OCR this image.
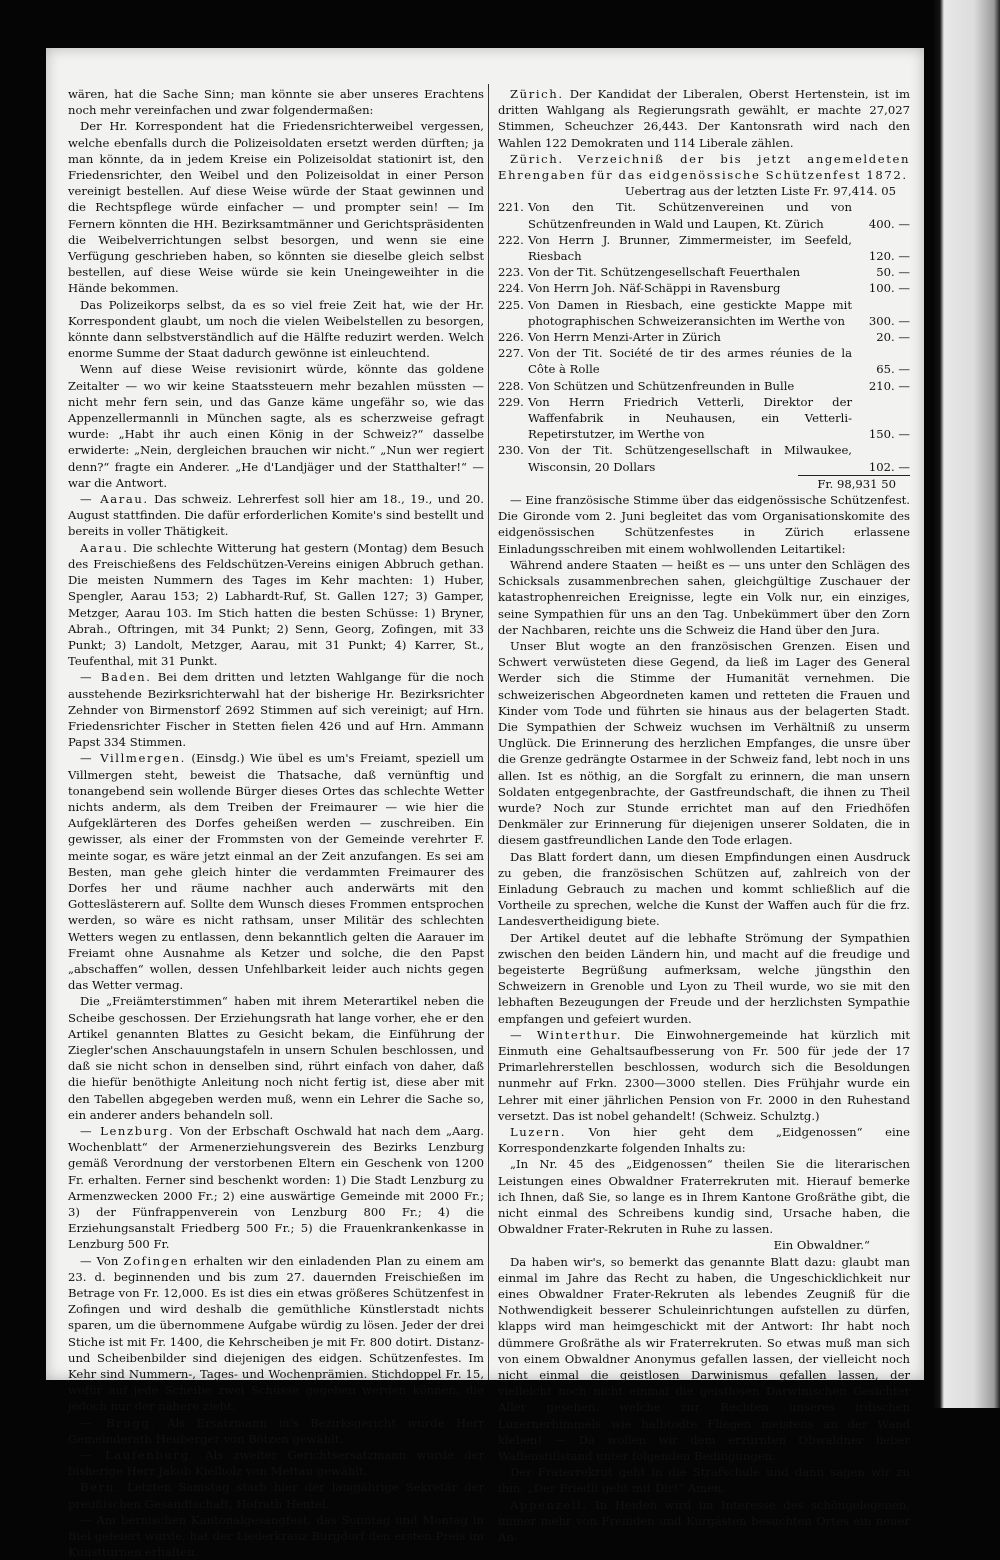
wären, hat die Sache Sinn; man könnte sie aber unseres Erachtens noch mehr vereinfachen und zwar folgendermaßen:

Der Hr. Korrespondent hat die Friedensrichterweibel vergessen, welche ebenfalls durch die Polizeisoldaten ersetzt werden dürften; ja man könnte, da in jedem Kreise ein Polizeisoldat stationirt ist, den Friedensrichter, den Weibel und den Polizeisoldat in einer Person vereinigt bestellen. Auf diese Weise würde der Staat gewinnen und die Rechtspflege würde einfacher — und prompter sein! — Im Fernern könnten die HH. Bezirksamtmänner und Gerichtspräsidenten die Weibelverrichtungen selbst besorgen, und wenn sie eine Verfügung geschrieben haben, so könnten sie dieselbe gleich selbst bestellen, auf diese Weise würde sie kein Uneingeweihter in die Hände bekommen.

Das Polizeikorps selbst, da es so viel freie Zeit hat, wie der Hr. Korrespondent glaubt, um noch die vielen Weibelstellen zu besorgen, könnte dann selbstverständlich auf die Hälfte reduzirt werden. Welch enorme Summe der Staat dadurch gewönne ist einleuchtend.

Wenn auf diese Weise revisionirt würde, könnte das goldene Zeitalter — wo wir keine Staatssteuern mehr bezahlen müssten — nicht mehr fern sein, und das Ganze käme ungefähr so, wie das Appenzellermannli in München sagte, als es scherzweise gefragt wurde: „Habt ihr auch einen König in der Schweiz?“ dasselbe erwiderte: „Nein, dergleichen brauchen wir nicht.“ „Nun wer regiert denn?“ fragte ein Anderer. „He d'Landjäger und der Statthalter!“ — war die Antwort.

— Aarau. Das schweiz. Lehrerfest soll hier am 18., 19., und 20. August stattfinden. Die dafür erforderlichen Komite's sind bestellt und bereits in voller Thätigkeit.

Aarau. Die schlechte Witterung hat gestern (Montag) dem Besuch des Freischießens des Feldschützen-Vereins einigen Abbruch gethan. Die meisten Nummern des Tages im Kehr machten: 1) Huber, Spengler, Aarau 153; 2) Labhardt-Ruf, St. Gallen 127; 3) Gamper, Metzger, Aarau 103. Im Stich hatten die besten Schüsse: 1) Bryner, Abrah., Oftringen, mit 34 Punkt; 2) Senn, Georg, Zofingen, mit 33 Punkt; 3) Landolt, Metzger, Aarau, mit 31 Punkt; 4) Karrer, St., Teufenthal, mit 31 Punkt.

— Baden. Bei dem dritten und letzten Wahlgange für die noch ausstehende Bezirksrichterwahl hat der bisherige Hr. Bezirksrichter Zehnder von Birmenstorf 2692 Stimmen auf sich vereinigt; auf Hrn. Friedensrichter Fischer in Stetten fielen 426 und auf Hrn. Ammann Papst 334 Stimmen.

— Villmergen. (Einsdg.) Wie übel es um's Freiamt, speziell um Villmergen steht, beweist die Thatsache, daß vernünftig und tonangebend sein wollende Bürger dieses Ortes das schlechte Wetter nichts anderm, als dem Treiben der Freimaurer — wie hier die Aufgeklärteren des Dorfes geheißen werden — zuschreiben. Ein gewisser, als einer der Frommsten von der Gemeinde verehrter F. meinte sogar, es wäre jetzt einmal an der Zeit anzufangen. Es sei am Besten, man gehe gleich hinter die verdammten Freimaurer des Dorfes her und räume nachher auch anderwärts mit den Gotteslästerern auf. Sollte dem Wunsch dieses Frommen entsprochen werden, so wäre es nicht rathsam, unser Militär des schlechten Wetters wegen zu entlassen, denn bekanntlich gelten die Aarauer im Freiamt ohne Ausnahme als Ketzer und solche, die den Papst „abschaffen“ wollen, dessen Unfehlbarkeit leider auch nichts gegen das Wetter vermag.

Die „Freiämterstimmen“ haben mit ihrem Meterartikel neben die Scheibe geschossen. Der Erziehungsrath hat lange vorher, ehe er den Artikel genannten Blattes zu Gesicht bekam, die Einführung der Ziegler'schen Anschauungstafeln in unsern Schulen beschlossen, und daß sie nicht schon in denselben sind, rührt einfach von daher, daß die hiefür benöthigte Anleitung noch nicht fertig ist, diese aber mit den Tabellen abgegeben werden muß, wenn ein Lehrer die Sache so, ein anderer anders behandeln soll.

— Lenzburg. Von der Erbschaft Oschwald hat nach dem „Aarg. Wochenblatt“ der Armenerziehungsverein des Bezirks Lenzburg gemäß Verordnung der verstorbenen Eltern ein Geschenk von 1200 Fr. erhalten. Ferner sind beschenkt worden: 1) Die Stadt Lenzburg zu Armenzwecken 2000 Fr.; 2) eine auswärtige Gemeinde mit 2000 Fr.; 3) der Fünfrappenverein von Lenzburg 800 Fr.; 4) die Erziehungsanstalt Friedberg 500 Fr.; 5) die Frauenkrankenkasse in Lenzburg 500 Fr.

— Von Zofingen erhalten wir den einladenden Plan zu einem am 23. d. beginnenden und bis zum 27. dauernden Freischießen im Betrage von Fr. 12,000. Es ist dies ein etwas größeres Schützenfest in Zofingen und wird deshalb die gemüthliche Künstlerstadt nichts sparen, um die übernommene Aufgabe würdig zu lösen. Jeder der drei Stiche ist mit Fr. 1400, die Kehrscheiben je mit Fr. 800 dotirt. Distanz- und Scheibenbilder sind diejenigen des eidgen. Schützenfestes. Im Kehr sind Nummern-, Tages- und Wochenprämien. Stichdoppel Fr. 15, wofür auf jede Scheibe zwei Schüsse gegeben werden können, die jedoch nur der nähere zieht.

— Brugg. Als Ersatzmann in's Bezirksgericht wurde Herr Gemeinderath Heuberger von Bötzen gewählt.

— Laufenburg. Als zweiter Gerichtsersatzmann wurde der bisherige Herr Jakob Kielholz von Mettau gewählt.

Bern. Letzten Samstag starb hier der langjährige Sekretär der preußischen Gesandtschaft, Hofrath Hentel.

— Am bernischen Kantonalgesangfest, das Sonntag und Montag in Biel gefeiert wurde, hat der Liederkranz Burgdorf den ersten Preis im Kunstturnen erhalten.

Zürich. Der Kandidat der Liberalen, Oberst Hertenstein, ist im dritten Wahlgang als Regierungsrath gewählt, er machte 27,027 Stimmen, Scheuchzer 26,443. Der Kantonsrath wird nach den Wahlen 122 Demokraten und 114 Liberale zählen.

Zürich. Verzeichniß der bis jetzt angemeldeten Ehrengaben für das eidgenössische Schützenfest 1872.

Uebertrag aus der letzten Liste Fr. 97,414. 05
221.	Von den Tit. Schützenvereinen und von Schützenfreunden in Wald und Laupen, Kt. Zürich	400. —
222.	Von Herrn J. Brunner, Zimmermeister, im Seefeld, Riesbach	120. —
223.	Von der Tit. Schützengesellschaft Feuerthalen	50. —
224.	Von Herrn Joh. Näf-Schäppi in Ravensburg	100. —
225.	Von Damen in Riesbach, eine gestickte Mappe mit photographischen Schweizeransichten im Werthe von	300. —
226.	Von Herrn Menzi-Arter in Zürich	20. —
227.	Von der Tit. Société de tir des armes réunies de la Côte à Rolle	65. —
228.	Von Schützen und Schützenfreunden in Bulle	210. —
229.	Von Herrn Friedrich Vetterli, Direktor der Waffenfabrik in Neuhausen, ein Vetterli-Repetirstutzer, im Werthe von	150. —
230.	Von der Tit. Schützengesellschaft in Milwaukee, Wisconsin, 20 Dollars	102. —
Fr. 98,931 50

— Eine französische Stimme über das eidgenössische Schützenfest. Die Gironde vom 2. Juni begleitet das vom Organisationskomite des eidgenössischen Schützenfestes in Zürich erlassene Einladungsschreiben mit einem wohlwollenden Leitartikel:

Während andere Staaten — heißt es — uns unter den Schlägen des Schicksals zusammenbrechen sahen, gleichgültige Zuschauer der katastrophenreichen Ereignisse, legte ein Volk nur, ein einziges, seine Sympathien für uns an den Tag. Unbekümmert über den Zorn der Nachbaren, reichte uns die Schweiz die Hand über den Jura.

Unser Blut wogte an den französischen Grenzen. Eisen und Schwert verwüsteten diese Gegend, da ließ im Lager des General Werder sich die Stimme der Humanität vernehmen. Die schweizerischen Abgeordneten kamen und retteten die Frauen und Kinder vom Tode und führten sie hinaus aus der belagerten Stadt. Die Sympathien der Schweiz wuchsen im Verhältniß zu unserm Unglück. Die Erinnerung des herzlichen Empfanges, die unsre über die Grenze gedrängte Ostarmee in der Schweiz fand, lebt noch in uns allen. Ist es nöthig, an die Sorgfalt zu erinnern, die man unsern Soldaten entgegenbrachte, der Gastfreundschaft, die ihnen zu Theil wurde? Noch zur Stunde errichtet man auf den Friedhöfen Denkmäler zur Erinnerung für diejenigen unserer Soldaten, die in diesem gastfreundlichen Lande den Tode erlagen.

Das Blatt fordert dann, um diesen Empfindungen einen Ausdruck zu geben, die französischen Schützen auf, zahlreich von der Einladung Gebrauch zu machen und kommt schließlich auf die Vortheile zu sprechen, welche die Kunst der Waffen auch für die frz. Landesvertheidigung biete.

Der Artikel deutet auf die lebhafte Strömung der Sympathien zwischen den beiden Ländern hin, und macht auf die freudige und begeisterte Begrüßung aufmerksam, welche jüngsthin den Schweizern in Grenoble und Lyon zu Theil wurde, wo sie mit den lebhaften Bezeugungen der Freude und der herzlichsten Sympathie empfangen und gefeiert wurden.

— Winterthur. Die Einwohnergemeinde hat kürzlich mit Einmuth eine Gehaltsaufbesserung von Fr. 500 für jede der 17 Primarlehrerstellen beschlossen, wodurch sich die Besoldungen nunmehr auf Frkn. 2300—3000 stellen. Dies Frühjahr wurde ein Lehrer mit einer jährlichen Pension von Fr. 2000 in den Ruhestand versetzt. Das ist nobel gehandelt! (Schweiz. Schulztg.)

Luzern. Von hier geht dem „Eidgenossen“ eine Korrespondenzkarte folgenden Inhalts zu:

„In Nr. 45 des „Eidgenossen“ theilen Sie die literarischen Leistungen eines Obwaldner Fraterrekruten mit. Hierauf bemerke ich Ihnen, daß Sie, so lange es in Ihrem Kantone Großräthe gibt, die nicht einmal des Schreibens kundig sind, Ursache haben, die Obwaldner Frater-Rekruten in Ruhe zu lassen.

Ein Obwaldner.“

Da haben wir's, so bemerkt das genannte Blatt dazu: glaubt man einmal im Jahre das Recht zu haben, die Ungeschicklichkeit nur eines Obwaldner Frater-Rekruten als lebendes Zeugniß für die Nothwendigkeit besserer Schuleinrichtungen aufstellen zu dürfen, klapps wird man heimgeschickt mit der Antwort: Ihr habt noch dümmere Großräthe als wir Fraterrekruten. So etwas muß man sich von einem Obwaldner Anonymus gefallen lassen, der vielleicht noch nicht einmal die geistlosen Darwinismus gefallen lassen, der vielleicht noch nicht einmal die geistlosen Darwinischen Gesichter Aller gesehen, welche zur Rechten unseres irdischen Luzernerhimmels wie halbtodte Fliegen meistens an der Wand kleben! — Da wollen wir dem erzürnten Obwaldner lieber Waffenstillstand unter folgenden Bedingungen:

Der Fraterrekrut geht in die Strafschule und dann sagen wir zu ihm: „Der Friedli geht mit Dir!“ Amen.

Appenzell. In Heiden wird im Interesse des schöngelegenen, immer mehr von Fremden und Kurgästen besuchten Ortes ein neuer An-
